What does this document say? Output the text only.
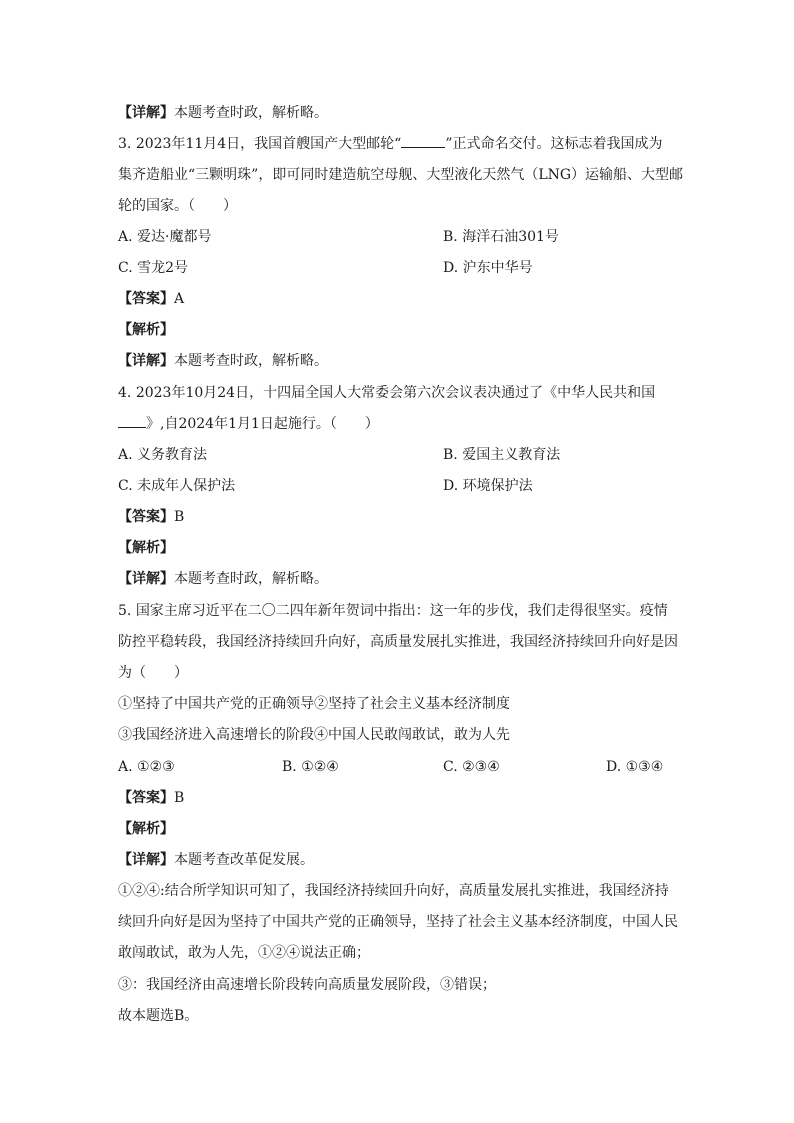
【详解】本题考查时政，解析略。
3. 2023年11月4日，我国首艘国产大型邮轮“	”正式命名交付。这标志着我国成为
集齐造船业“三颗明珠”，即可同时建造航空母舰、大型液化天然气（LNG）运输船、大型邮
轮的国家。（　　）
A. 爱达·魔都号	B. 海洋石油301号
C. 雪龙2号	D. 沪东中华号
【答案】A
【解析】
【详解】本题考查时政，解析略。
4. 2023年10月24日，十四届全国人大常委会第六次会议表决通过了《中华人民共和国
》,自2024年1月1日起施行。（　　）
A. 义务教育法	B. 爱国主义教育法
C. 未成年人保护法	D. 环境保护法
【答案】B
【解析】
【详解】本题考查时政，解析略。
5. 国家主席习近平在二〇二四年新年贺词中指出：这一年的步伐，我们走得很坚实。疫情
防控平稳转段，我国经济持续回升向好，高质量发展扎实推进，我国经济持续回升向好是因
为（　　）
①坚持了中国共产党的正确领导②坚持了社会主义基本经济制度
③我国经济进入高速增长的阶段④中国人民敢闯敢试，敢为人先
A. ①②③	B. ①②④	C. ②③④	D. ①③④
【答案】B
【解析】
【详解】本题考查改革促发展。
①②④:结合所学知识可知了，我国经济持续回升向好，高质量发展扎实推进，我国经济持
续回升向好是因为坚持了中国共产党的正确领导，坚持了社会主义基本经济制度，中国人民
敢闯敢试，敢为人先，①②④说法正确；
③：我国经济由高速增长阶段转向高质量发展阶段，③错误；
故本题选B。
